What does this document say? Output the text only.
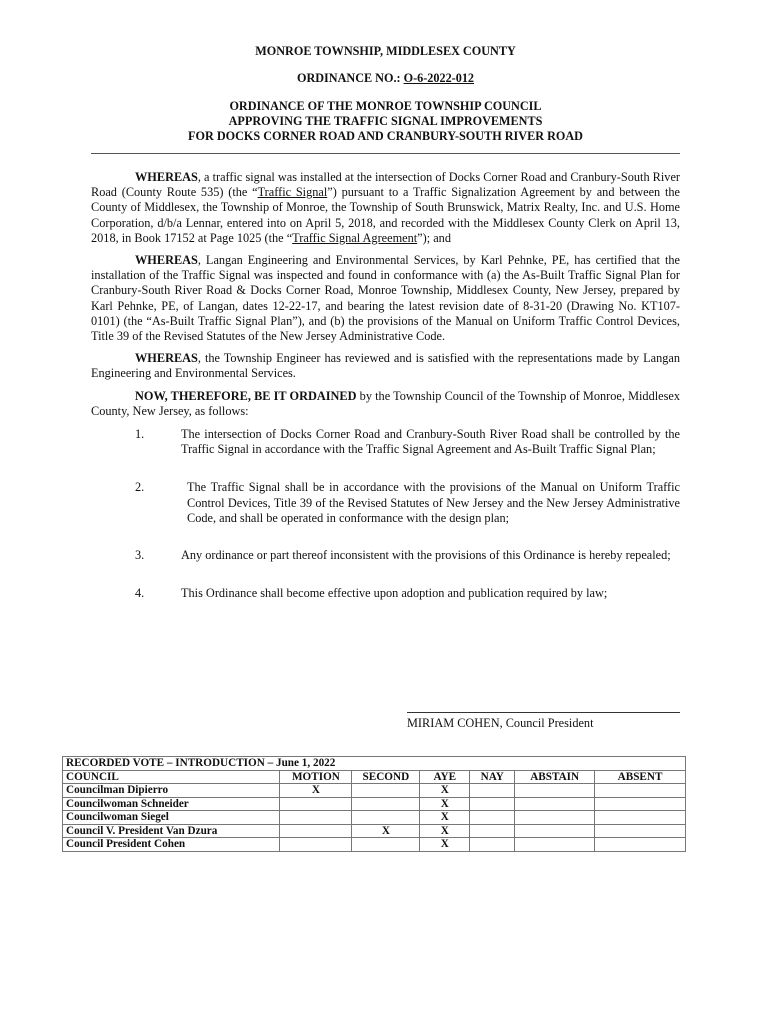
MONROE TOWNSHIP, MIDDLESEX COUNTY
ORDINANCE NO.: O-6-2022-012
ORDINANCE OF THE MONROE TOWNSHIP COUNCIL
APPROVING THE TRAFFIC SIGNAL IMPROVEMENTS
FOR DOCKS CORNER ROAD AND CRANBURY-SOUTH RIVER ROAD

WHEREAS, a traffic signal was installed at the intersection of Docks Corner Road and Cranbury-South River Road (County Route 535) (the “Traffic Signal”) pursuant to a Traffic Signalization Agreement by and between the County of Middlesex, the Township of Monroe, the Township of South Brunswick, Matrix Realty, Inc. and U.S. Home Corporation, d/b/a Lennar, entered into on April 5, 2018, and recorded with the Middlesex County Clerk on April 13, 2018, in Book 17152 at Page 1025 (the “Traffic Signal Agreement”); and

WHEREAS, Langan Engineering and Environmental Services, by Karl Pehnke, PE, has certified that the installation of the Traffic Signal was inspected and found in conformance with (a) the As-Built Traffic Signal Plan for Cranbury-South River Road & Docks Corner Road, Monroe Township, Middlesex County, New Jersey, prepared by Karl Pehnke, PE, of Langan, dates 12-22-17, and bearing the latest revision date of 8-31-20 (Drawing No. KT107-0101) (the “As-Built Traffic Signal Plan”), and (b) the provisions of the Manual on Uniform Traffic Control Devices, Title 39 of the Revised Statutes of the New Jersey Administrative Code.

WHEREAS, the Township Engineer has reviewed and is satisfied with the representations made by Langan Engineering and Environmental Services.

NOW, THEREFORE, BE IT ORDAINED by the Township Council of the Township of Monroe, Middlesex County, New Jersey, as follows:

1.	The intersection of Docks Corner Road and Cranbury-South River Road shall be controlled by the Traffic Signal in accordance with the Traffic Signal Agreement and As-Built Traffic Signal Plan;
2.	The Traffic Signal shall be in accordance with the provisions of the Manual on Uniform Traffic Control Devices, Title 39 of the Revised Statutes of New Jersey and the New Jersey Administrative Code, and shall be operated in conformance with the design plan;
3.	Any ordinance or part thereof inconsistent with the provisions of this Ordinance is hereby repealed;
4.	This Ordinance shall become effective upon adoption and publication required by law;
MIRIAM COHEN, Council President
RECORDED VOTE – INTRODUCTION – June 1, 2022						
COUNCIL	MOTION	SECOND	AYE	NAY	ABSTAIN	ABSENT
Councilman Dipierro	X		X			
Councilwoman Schneider			X			
Councilwoman Siegel			X			
Council V. President Van Dzura		X	X			
Council President Cohen			X			
